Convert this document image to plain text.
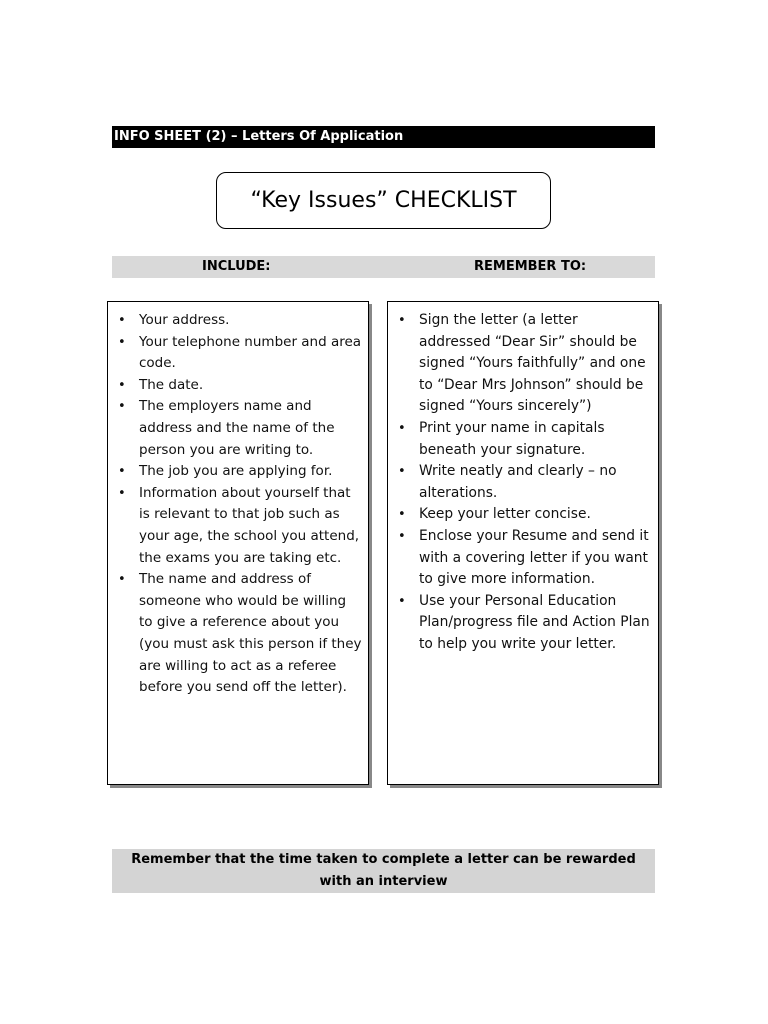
INFO SHEET (2) – Letters Of Application
“Key Issues” CHECKLIST
INCLUDE:	REMEMBER TO:
• Your address.
• Your telephone number and area code.
• The date.
• The employers name and address and the name of the person you are writing to.
• The job you are applying for.
• Information about yourself that is relevant to that job such as your age, the school you attend, the exams you are taking etc.
• The name and address of someone who would be willing to give a reference about you (you must ask this person if they are willing to act as a referee before you send off the letter).
• Sign the letter (a letter addressed “Dear Sir” should be signed “Yours faithfully” and one to “Dear Mrs Johnson” should be signed “Yours sincerely”)
• Print your name in capitals beneath your signature.
• Write neatly and clearly – no alterations.
• Keep your letter concise.
• Enclose your Resume and send it with a covering letter if you want to give more information.
• Use your Personal Education Plan/progress file and Action Plan to help you write your letter.
Remember that the time taken to complete a letter can be rewarded with an interview
